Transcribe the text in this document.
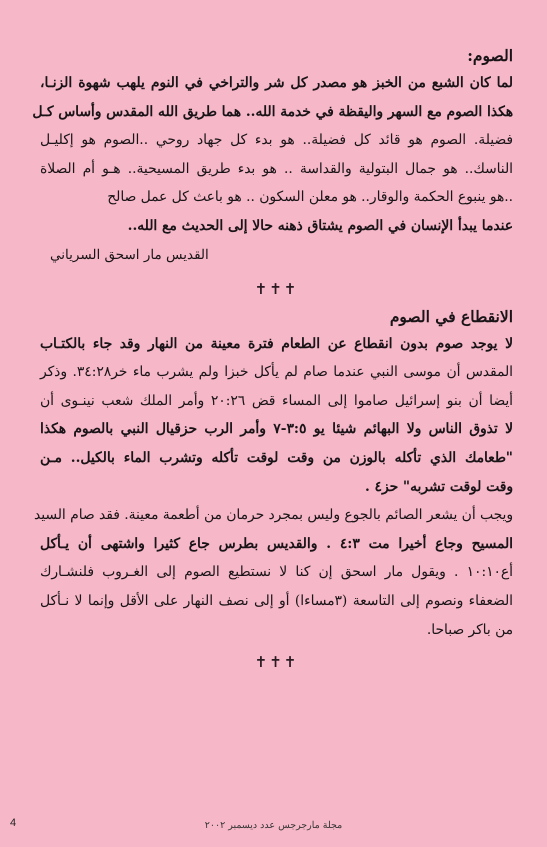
الصوم:
لما كان الشبع من الخبز هو مصدر كل شر والتراخي في النوم يلهب شهوة الزنـا،
هكذا الصوم مع السهر واليقظة في خدمة الله.. هما طريق الله المقدس وأساس كـل
فضيلة. الصوم هو قائد كل فضيلة.. هو بدء كل جهاد روحي ..الصوم هو إكليـل
الناسك.. هو جمال البتولية والقداسة .. هو بدء طريق المسيحية.. هـو أم الصلاة
..هو ينبوع الحكمة والوقار.. هو معلن السكون .. هو باعث كل عمل صالح
عندما يبدأ الإنسان في الصوم يشتاق ذهنه حالا إلى الحديث مع الله..
القديس مار اسحق السرياني
✝✝✝
الانقطاع في الصوم
لا يوجد صوم بدون انقطاع عن الطعام فترة معينة من النهار وقد جاء بالكتـاب
المقدس أن موسى النبي عندما صام لم يأكل خبزا ولم يشرب ماء خر٣٤:٢٨. وذكر
أيضا أن بنو إسرائيل صاموا إلى المساء قض ٢٠:٢٦ وأمر الملك شعب نينـوى أن
لا تذوق الناس ولا البهائم شيئا يو ٣:٥-٧ وأمر الرب حزقيال النبي بالصوم هكذا
"طعامك الذي تأكله بالوزن من وقت لوقت تأكله وتشرب الماء بالكيل.. مـن
وقت لوقت تشربه" حز٤ .
ويجب أن يشعر الصائم بالجوع وليس بمجرد حرمان من أطعمة معينة. فقد صام السيد
المسيح وجاع أخيرا مت ٤:٣ . والقديس بطرس جاع كثيرا واشتهى أن يـأكل
أع١٠:١٠ . ويقول مار اسحق إن كنا لا نستطيع الصوم إلى الغـروب فلنشـارك
الضعفاء ونصوم إلى التاسعة (٣مساءا) أو إلى نصف النهار على الأقل وإنما لا نـأكل
من باكر صباحا.
✝✝✝
مجلة مارجرجس عدد ديسمبر ٢٠٠٢
4
